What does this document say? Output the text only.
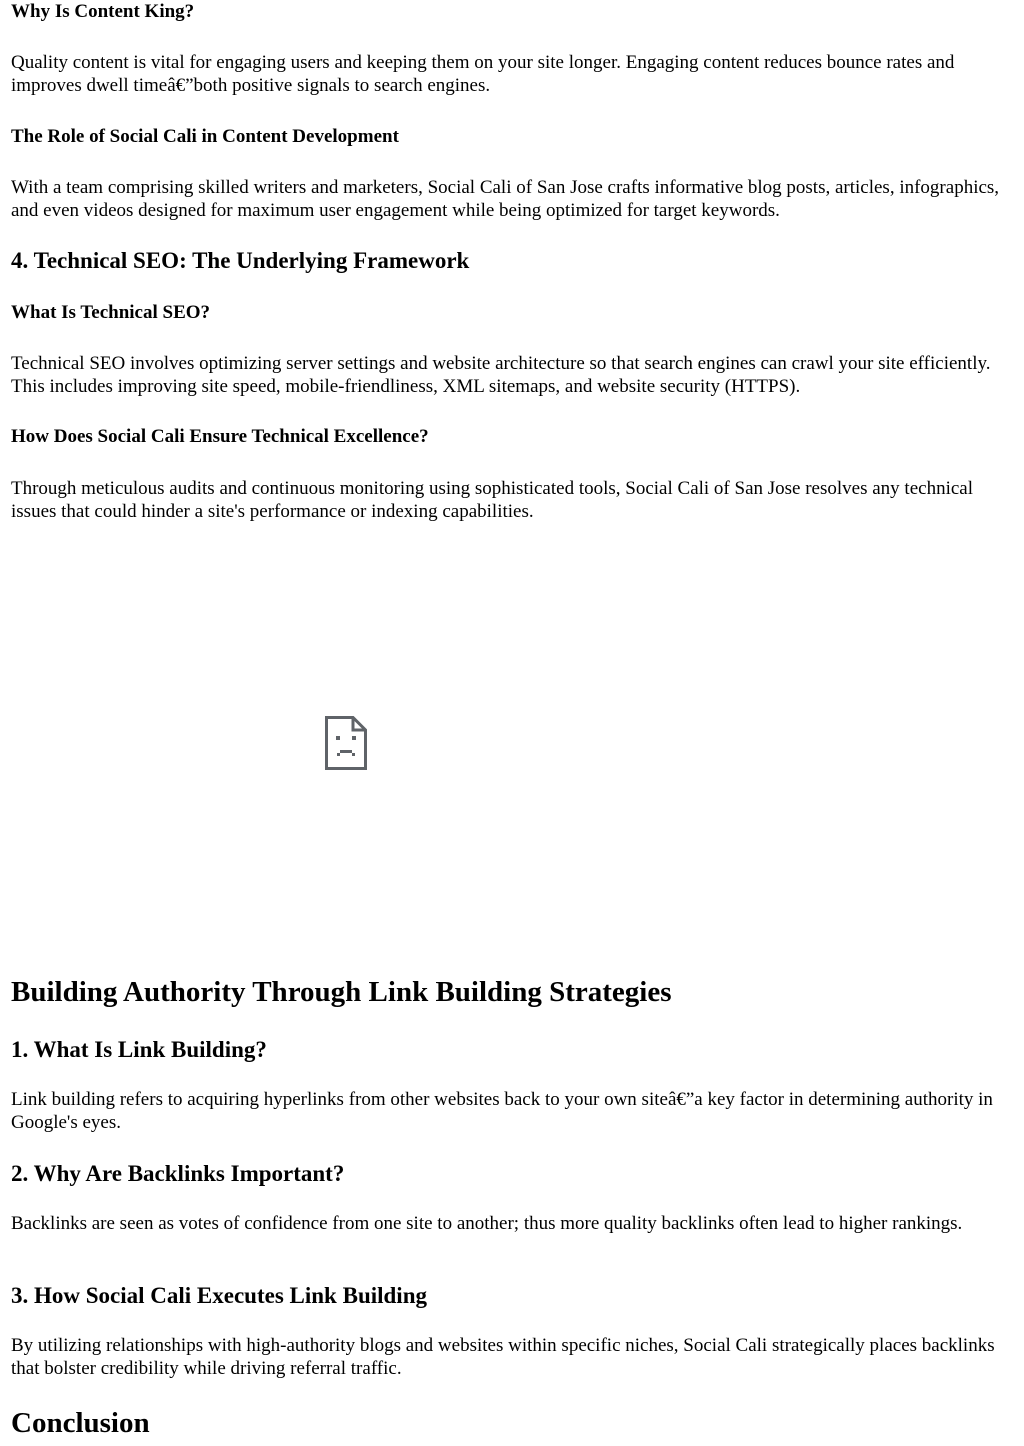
Why Is Content King?
Quality content is vital for engaging users and keeping them on your site longer. Engaging content reduces bounce rates and improves dwell timeâ€”both positive signals to search engines.
The Role of Social Cali in Content Development
With a team comprising skilled writers and marketers, Social Cali of San Jose crafts informative blog posts, articles, infographics, and even videos designed for maximum user engagement while being optimized for target keywords.
4. Technical SEO: The Underlying Framework
What Is Technical SEO?
Technical SEO involves optimizing server settings and website architecture so that search engines can crawl your site efficiently. This includes improving site speed, mobile-friendliness, XML sitemaps, and website security (HTTPS).
How Does Social Cali Ensure Technical Excellence?
Through meticulous audits and continuous monitoring using sophisticated tools, Social Cali of San Jose resolves any technical issues that could hinder a site's performance or indexing capabilities.
Building Authority Through Link Building Strategies
1. What Is Link Building?
Link building refers to acquiring hyperlinks from other websites back to your own siteâ€”a key factor in determining authority in Google's eyes.
2. Why Are Backlinks Important?
Backlinks are seen as votes of confidence from one site to another; thus more quality backlinks often lead to higher rankings.
3. How Social Cali Executes Link Building
By utilizing relationships with high-authority blogs and websites within specific niches, Social Cali strategically places backlinks that bolster credibility while driving referral traffic.
Conclusion
